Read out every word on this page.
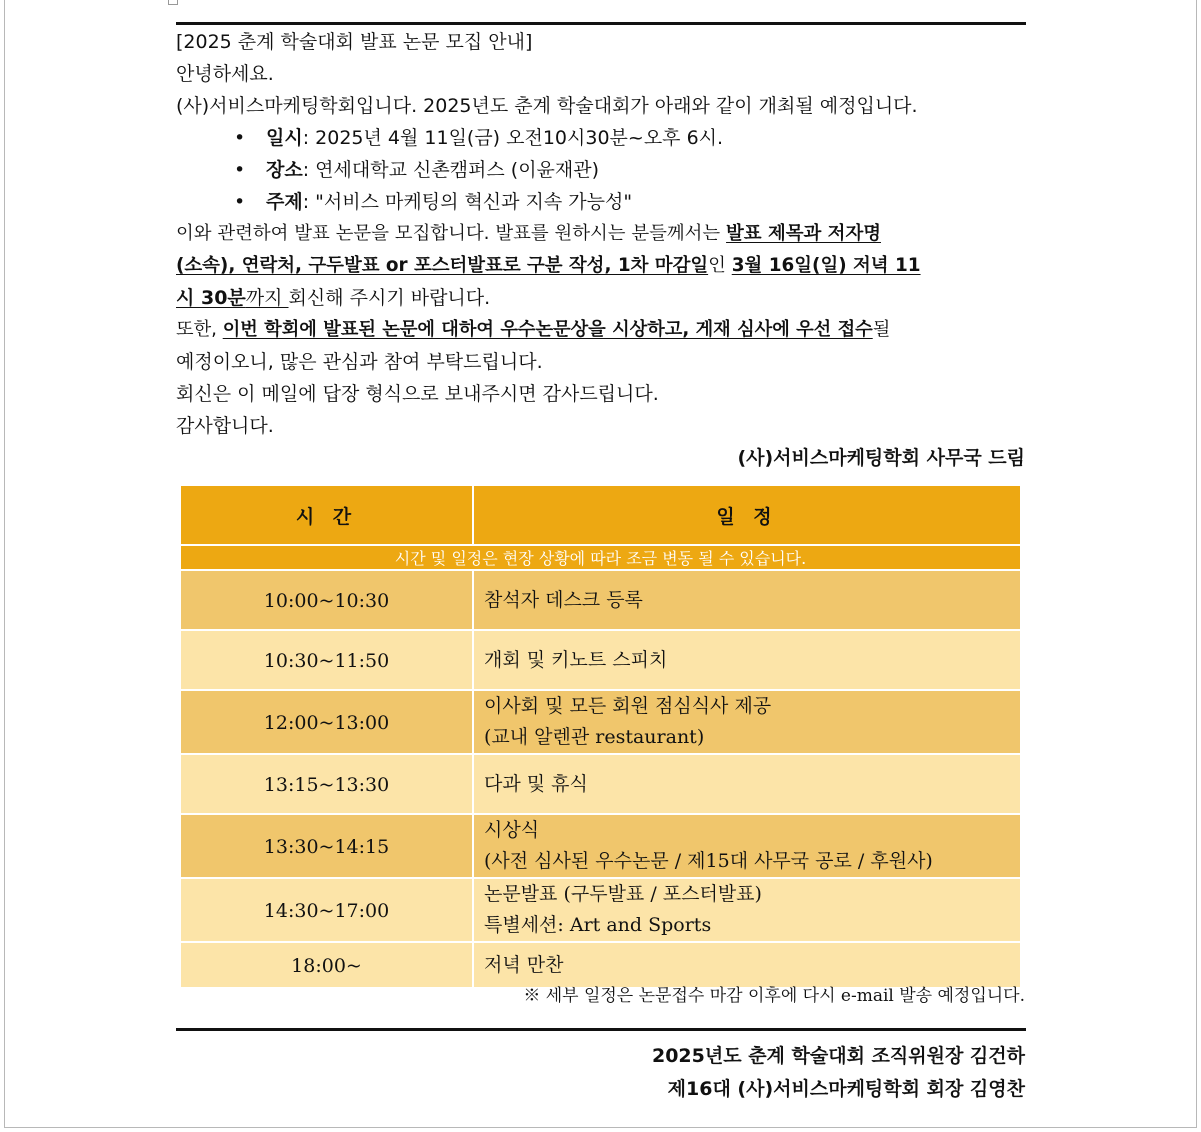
[2025 춘계 학술대회 발표 논문 모집 안내]
안녕하세요.
(사)서비스마케팅학회입니다. 2025년도 춘계 학술대회가 아래와 같이 개최될 예정입니다.
• 일시: 2025년 4월 11일(금) 오전10시30분~오후 6시.
• 장소: 연세대학교 신촌캠퍼스 (이윤재관)
• 주제: "서비스 마케팅의 혁신과 지속 가능성"
이와 관련하여 발표 논문을 모집합니다. 발표를 원하시는 분들께서는 발표 제목과 저자명
(소속), 연락처, 구두발표 or 포스터발표로 구분 작성, 1차 마감일인 3월 16일(일) 저녁 11
시 30분까지 회신해 주시기 바랍니다.
또한, 이번 학회에 발표된 논문에 대하여 우수논문상을 시상하고, 게재 심사에 우선 접수될
예정이오니, 많은 관심과 참여 부탁드립니다.
회신은 이 메일에 답장 형식으로 보내주시면 감사드립니다.
감사합니다.
(사)서비스마케팅학회 사무국 드림
시 간	일 정
시간 및 일정은 현장 상황에 따라 조금 변동 될 수 있습니다.	
10:00~10:30	참석자 데스크 등록

10:30~11:50	개회 및 키노트 스피치

12:00~13:00	이사회 및 모든 회원 점심식사 제공
(교내 알렌관 restaurant)

13:15~13:30	다과 및 휴식

13:30~14:15	시상식
(사전 심사된 우수논문 / 제15대 사무국 공로 / 후원사)

14:30~17:00	논문발표 (구두발표 / 포스터발표)
특별세션: Art and Sports

18:00~	저녁 만찬
※ 세부 일정은 논문접수 마감 이후에 다시 e-mail 발송 예정입니다.
2025년도 춘계 학술대회 조직위원장 김건하
제16대 (사)서비스마케팅학회 회장 김영찬
